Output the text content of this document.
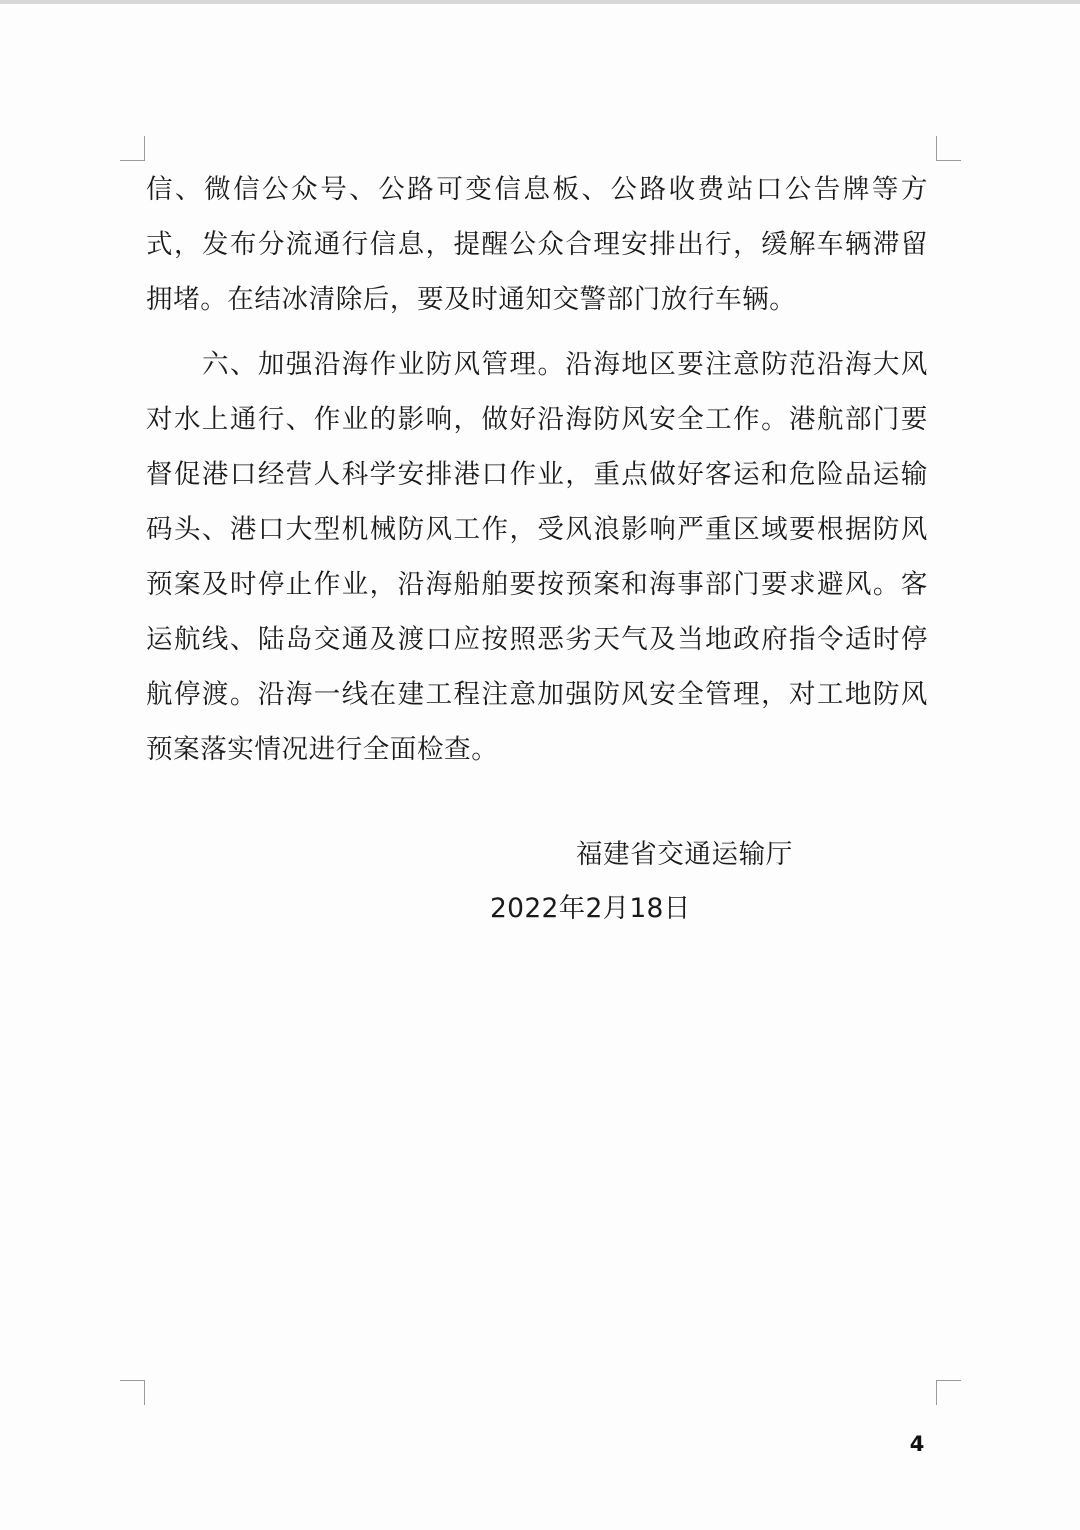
信、微信公众号、公路可变信息板、公路收费站口公告牌等方式，发布分流通行信息，提醒公众合理安排出行，缓解车辆滞留拥堵。在结冰清除后，要及时通知交警部门放行车辆。

六、加强沿海作业防风管理。沿海地区要注意防范沿海大风对水上通行、作业的影响，做好沿海防风安全工作。港航部门要督促港口经营人科学安排港口作业，重点做好客运和危险品运输码头、港口大型机械防风工作，受风浪影响严重区域要根据防风预案及时停止作业，沿海船舶要按预案和海事部门要求避风。客运航线、陆岛交通及渡口应按照恶劣天气及当地政府指令适时停航停渡。沿海一线在建工程注意加强防风安全管理，对工地防风预案落实情况进行全面检查。

福建省交通运输厅

2022年2月18日

4
